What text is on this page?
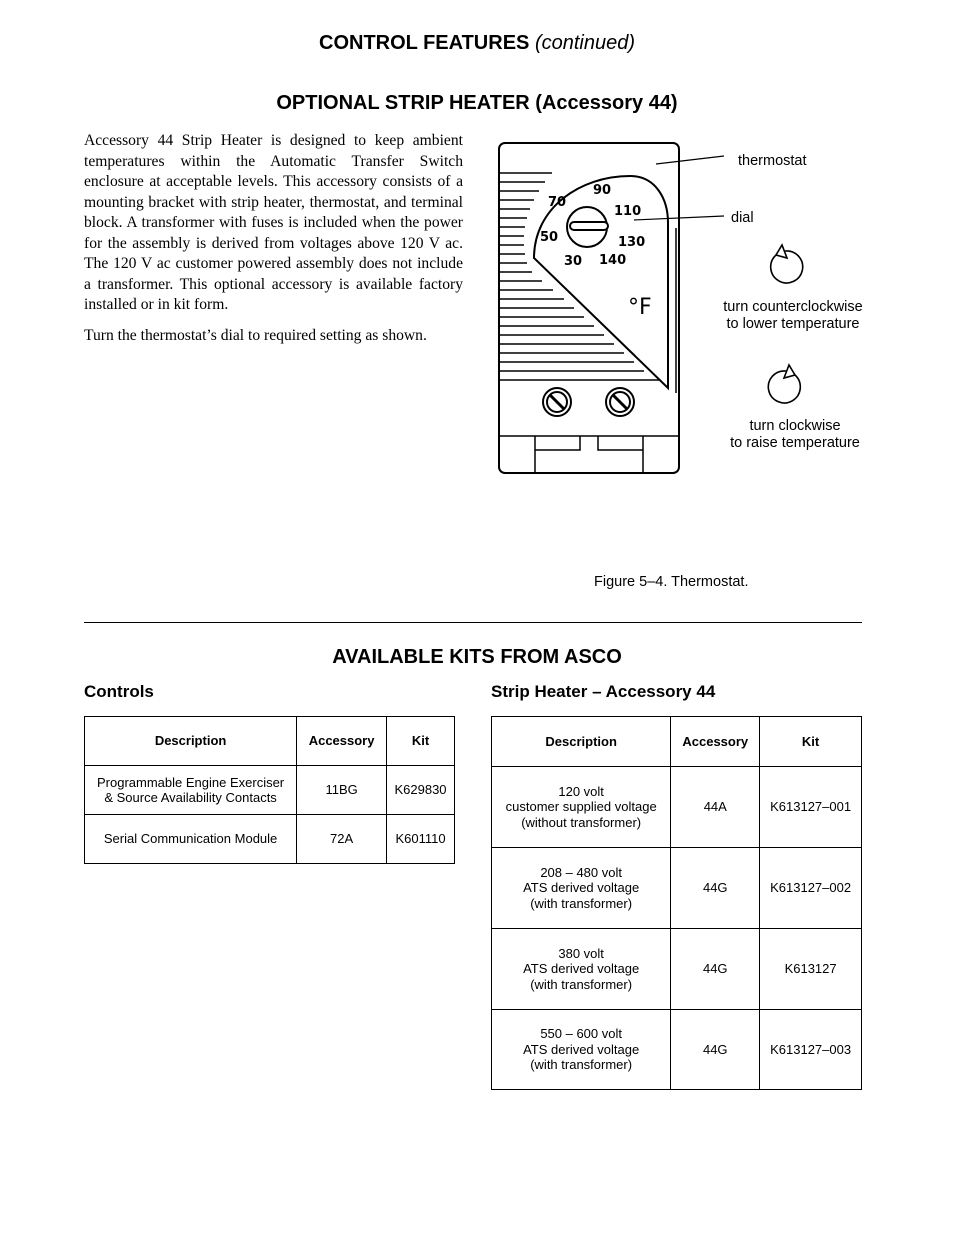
CONTROL FEATURES (continued)
OPTIONAL STRIP HEATER (Accessory 44)

Accessory 44 Strip Heater is designed to keep ambient temperatures within the Automatic Transfer Switch enclosure at acceptable levels. This accessory consists of a mounting bracket with strip heater, thermostat, and terminal block. A transformer with fuses is included when the power for the assembly is derived from voltages above 120 V ac. The 120 V ac customer powered assembly does not include a transformer. This optional accessory is available factory installed or in kit form.

Turn the thermostat’s dial to required setting as shown.

90
70
110
50	130
30 140
°F
thermostat
dial
turn counterclockwise
to lower temperature
turn clockwise
to raise temperature
Figure 5–4. Thermostat.
AVAILABLE KITS FROM ASCO
Controls	Strip Heater – Accessory 44
Description	Accessory	Kit
Programmable Engine Exerciser
& Source Availability Contacts	11BG	K629830
Serial Communication Module	72A	K601110
Description	Accessory	Kit
120 volt
customer supplied voltage
(without transformer)	44A	K613127–001
208 – 480 volt
ATS derived voltage
(with transformer)	44G	K613127–002
380 volt
ATS derived voltage
(with transformer)	44G	K613127
550 – 600 volt
ATS derived voltage
(with transformer)	44G	K613127–003
